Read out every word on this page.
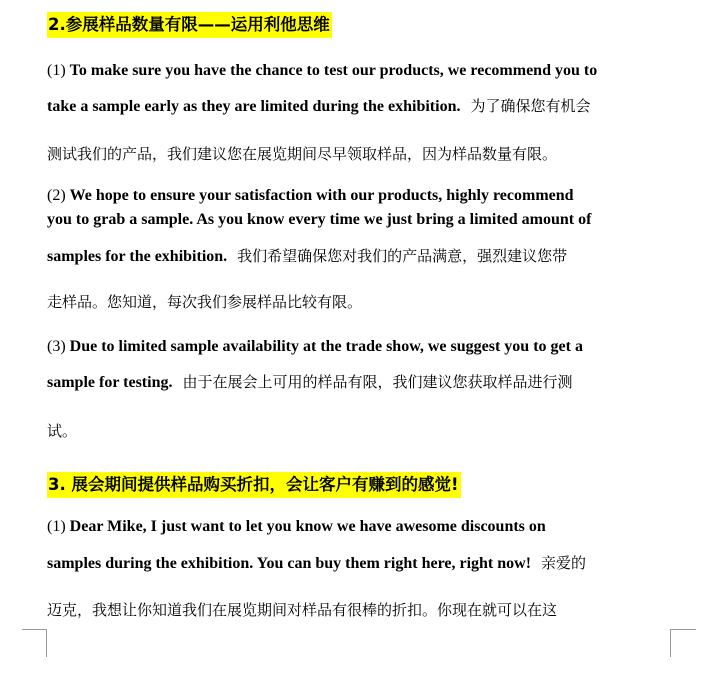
2.参展样品数量有限——运用利他思维
(1) To make sure you have the chance to test our products, we recommend you to
take a sample early as they are limited during the exhibition. 为了确保您有机会
测试我们的产品，我们建议您在展览期间尽早领取样品，因为样品数量有限。
(2) We hope to ensure your satisfaction with our products, highly recommend
you to grab a sample. As you know every time we just bring a limited amount of
samples for the exhibition. 我们希望确保您对我们的产品满意，强烈建议您带
走样品。您知道，每次我们参展样品比较有限。
(3) Due to limited sample availability at the trade show, we suggest you to get a
sample for testing. 由于在展会上可用的样品有限，我们建议您获取样品进行测
试。
3. 展会期间提供样品购买折扣，会让客户有赚到的感觉!
(1) Dear Mike, I just want to let you know we have awesome discounts on
samples during the exhibition. You can buy them right here, right now! 亲爱的
迈克，我想让你知道我们在展览期间对样品有很棒的折扣。你现在就可以在这
